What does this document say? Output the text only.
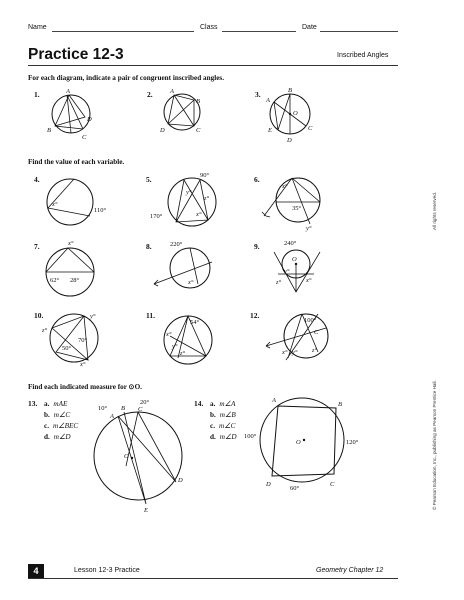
Name	Class	Date
Practice 12-3	Inscribed Angles
For each diagram, indicate a pair of congruent inscribed angles.
1.	A
D
B
C
2.	A
B
C
D
3.	B
A
O
E
D
C
Find the value of each variable.
4.
x°
110°
5.	90°
y°
z°
x°
170°
6.
x°
35°
y°
7.	x°
62° 28°
8.	220°
x°
9.	240°
O
y°
z°	x°
10.	y°
z°
70°
50°
x°
11.
54°
x°
y°
z°
12.
100°
C
x° y° z°
Find each indicated measure for ⊙O.
13. a. mAE
b. m∠C
c. m∠BEC
d. m∠D
10°
20°
A
B C
O
D
E
14. a. m∠A
b. m∠B
c. m∠C
d. m∠D
A
B
100°
120°
O
D
60°
C
All rights reserved.
© Pearson Education, Inc., publishing as Pearson Prentice Hall.
4	Lesson 12-3 Practice	Geometry Chapter 12
